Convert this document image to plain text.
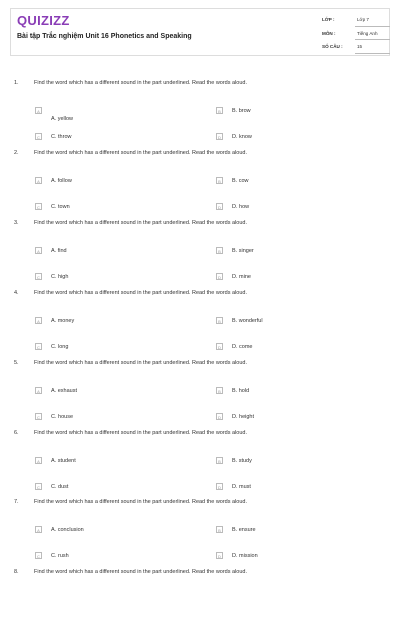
QUIZIZZ
Bài tập Trắc nghiệm Unit 16 Phonetics and Speaking
LỚP :	Lớp 7
MÔN :	Tiếng Anh
SỐ CÂU :	15
1.	Find the word which has a different sound in the part underlined. Read the words aloud.
A
A. yellow
B	B. brow
C	C. throw	D	D. know
2.	Find the word which has a different sound in the part underlined. Read the words aloud.
A	A. follow	B	B. cow
C	C. town	D	D. how
3.	Find the word which has a different sound in the part underlined. Read the words aloud.
A	A. find	B	B. singer
C	C. high	D	D. mine
4.	Find the word which has a different sound in the part underlined. Read the words aloud.
A	A. money	B	B. wonderful
C	C. long	D	D. come
5.	Find the word which has a different sound in the part underlined. Read the words aloud.
A	A. exhaust	B	B. hold
C	C. house	D	D. height
6.	Find the word which has a different sound in the part underlined. Read the words aloud.
A	A. student	B	B. study
C	C. dust	D	D. must
7.	Find the word which has a different sound in the part underlined. Read the words aloud.
A	A. conclusion	B	B. ensure
C	C. rush	D	D. mission
8.	Find the word which has a different sound in the part underlined. Read the words aloud.
